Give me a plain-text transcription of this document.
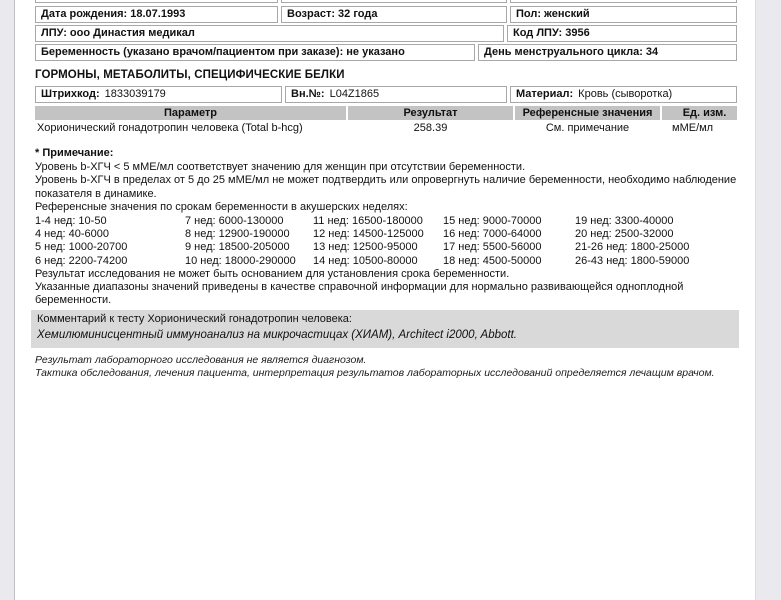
Дата рождения: 18.07.1993	Возраст: 32 года	Пол: женский
ЛПУ: ооо Династия медикал	Код ЛПУ: 3956
Беременность (указано врачом/пациентом при заказе): не указано	День менструального цикла: 34
ГОРМОНЫ, МЕТАБОЛИТЫ, СПЕЦИФИЧЕСКИЕ БЕЛКИ
Штрихкод: 1833039179	Вн.№: L04Z1865	Материал: Кровь (сыворотка)
Параметр	Результат	Референсные значения	Ед. изм.
Хорионический гонадотропин человека (Total b-hcg)	258.39	См. примечание	мМЕ/мл
* Примечание:
Уровень b-ХГЧ < 5 мМЕ/мл соответствует значению для женщин при отсутствии беременности.
Уровень b-ХГЧ в пределах от 5 до 25 мМЕ/мл не может подтвердить или опровергнуть наличие беременности, необходимо наблюдение показателя в динамике.
Референсные значения по срокам беременности в акушерских неделях:
1-4 нед: 10-50	7 нед: 6000-130000	11 нед: 16500-180000	15 нед: 9000-70000	19 нед: 3300-40000
4 нед: 40-6000	8 нед: 12900-190000	12 нед: 14500-125000	16 нед: 7000-64000	20 нед: 2500-32000
5 нед: 1000-20700	9 нед: 18500-205000	13 нед: 12500-95000	17 нед: 5500-56000	21-26 нед: 1800-25000
6 нед: 2200-74200	10 нед: 18000-290000	14 нед: 10500-80000	18 нед: 4500-50000	26-43 нед: 1800-59000
Результат исследования не может быть основанием для установления срока беременности.
Указанные диапазоны значений приведены в качестве справочной информации для нормально развивающейся одноплодной беременности.
Комментарий к тесту Хорионический гонадотропин человека:
Хемилюминисцентный иммуноанализ на микрочастицах (ХИАМ), Architect i2000, Abbott.
Результат лабораторного исследования не является диагнозом.
Тактика обследования, лечения пациента, интерпретация результатов лабораторных исследований определяется лечащим врачом.
